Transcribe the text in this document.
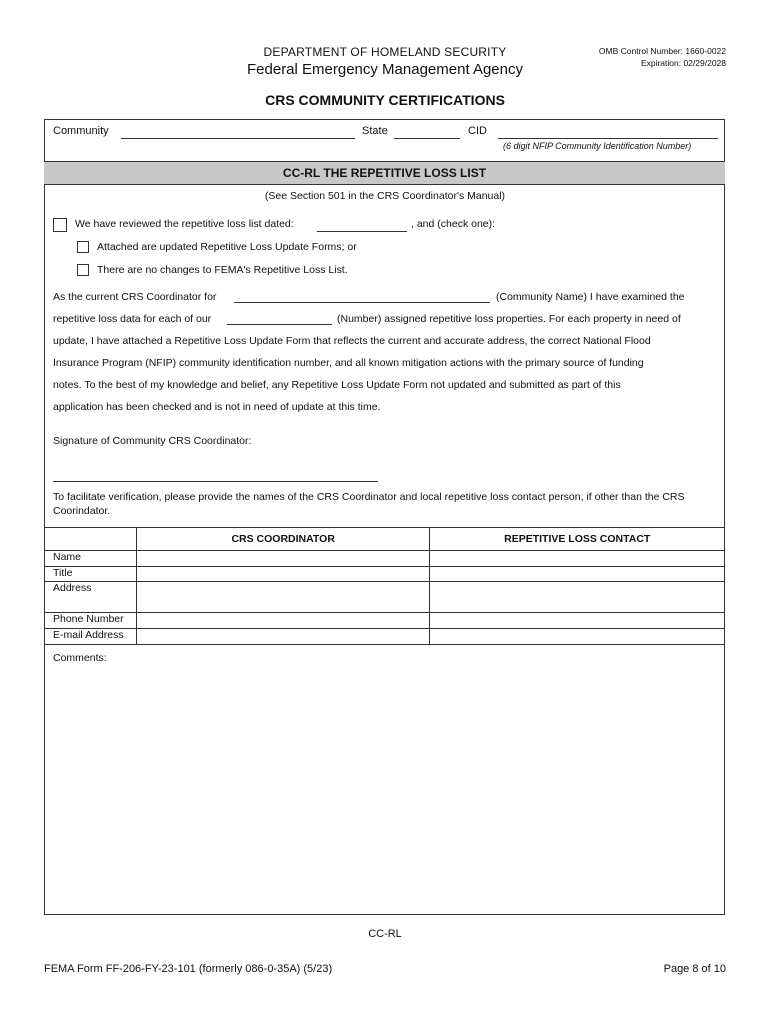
DEPARTMENT OF HOMELAND SECURITY
Federal Emergency Management Agency
OMB Control Number: 1660-0022
Expiration: 02/29/2028
CRS COMMUNITY CERTIFICATIONS
Community	State	CID
(6 digit NFIP Community Identification Number)
CC-RL THE REPETITIVE LOSS LIST
(See Section 501 in the CRS Coordinator's Manual)
We have reviewed the repetitive loss list dated:	, and (check one):
Attached are updated Repetitive Loss Update Forms; or
There are no changes to FEMA's Repetitive Loss List.
As the current CRS Coordinator for	(Community Name) I have examined the
repetitive loss data for each of our	(Number) assigned repetitive loss properties. For each property in need of
update, I have attached a Repetitive Loss Update Form that reflects the current and accurate address, the correct National Flood
Insurance Program (NFIP) community identification number, and all known mitigation actions with the primary source of funding
notes. To the best of my knowledge and belief, any Repetitive Loss Update Form not updated and submitted as part of this
application has been checked and is not in need of update at this time.
Signature of Community CRS Coordinator:
To facilitate verification, please provide the names of the CRS Coordinator and local repetitive loss contact person, if other than the CRS Coorindator.
	CRS COORDINATOR	REPETITIVE LOSS CONTACT
Name		
Title		
Address		
Phone Number		
E-mail Address		
Comments:
CC-RL
FEMA Form FF-206-FY-23-101 (formerly 086-0-35A) (5/23)	Page 8 of 10
